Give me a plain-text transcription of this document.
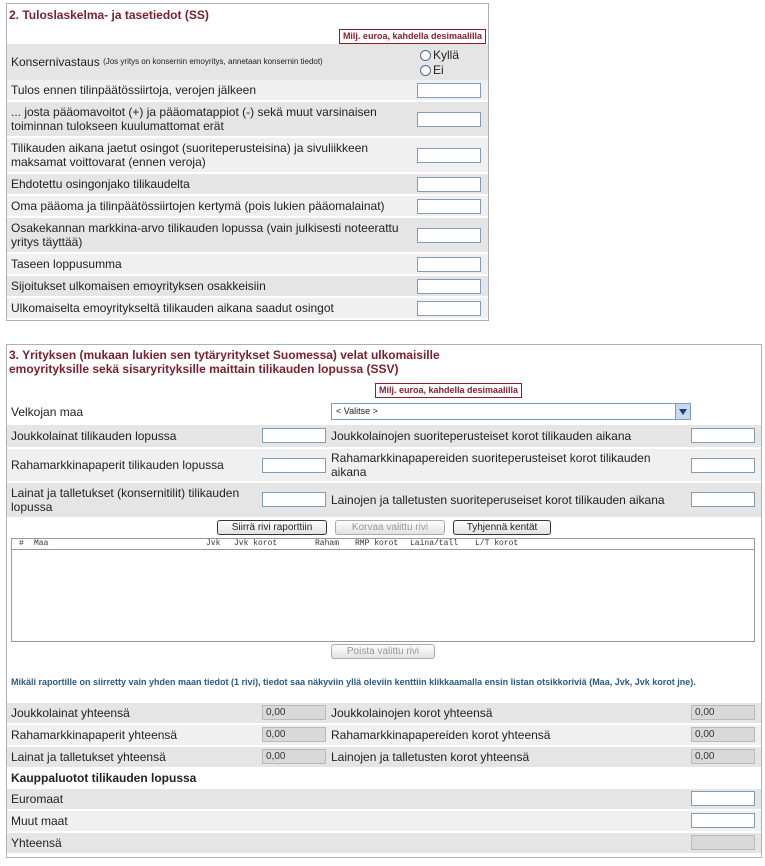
2. Tuloslaskelma- ja tasetiedot (SS)
Milj. euroa, kahdella desimaalilla
Konsernivastaus
(Jos yritys on konsernin emoyritys, annetaan konsernin tiedot)	Kyllä
Ei
Tulos ennen tilinpäätössiirtoja, verojen jälkeen
... josta pääomavoitot (+) ja pääomatappiot (-) sekä muut varsinaisen toiminnan tulokseen kuulumattomat erät
Tilikauden aikana jaetut osingot (suoriteperusteisina) ja sivuliikkeen maksamat voittovarat (ennen veroja)
Ehdotettu osingonjako tilikaudelta
Oma pääoma ja tilinpäätössiirtojen kertymä (pois lukien pääomalainat)
Osakekannan markkina-arvo tilikauden lopussa (vain julkisesti noteerattu yritys täyttää)
Taseen loppusumma
Sijoitukset ulkomaisen emoyrityksen osakkeisiin
Ulkomaiselta emoyritykseltä tilikauden aikana saadut osingot
3. Yrityksen (mukaan lukien sen tytäryritykset Suomessa) velat ulkomaisille
emoyrityksille sekä sisaryrityksille maittain tilikauden lopussa (SSV)
Milj. euroa, kahdella desimaalilla
Velkojan maa	< Valitse >
Joukkolainat tilikauden lopussa	Joukkolainojen suoriteperusteiset korot tilikauden aikana
Rahamarkkinapaperit tilikauden lopussa	Rahamarkkinapapereiden suoriteperusteiset korot tilikauden aikana
Lainat ja talletukset (konsernitilit) tilikauden lopussa	Lainojen ja talletusten suoriteperuseiset korot tilikauden aikana
Siirrä rivi raporttiin	Korvaa valittu rivi	Tyhjennä kentät
# Maa	Jvk Jvk korot	Raham RMP korot Laina/tall L/T korot
Poista valittu rivi
Mikäli raportille on siirretty vain yhden maan tiedot (1 rivi), tiedot saa näkyviin yllä oleviin kenttiin klikkaamalla ensin listan otsikkoriviä (Maa, Jvk, Jvk korot jne).
Joukkolainat yhteensä	0,00	Joukkolainojen korot yhteensä	0,00
Rahamarkkinapaperit yhteensä	0,00	Rahamarkkinapapereiden korot yhteensä	0,00
Lainat ja talletukset yhteensä	0,00	Lainojen ja talletusten korot yhteensä	0,00
Kauppaluotot tilikauden lopussa
Euromaat
Muut maat
Yhteensä
